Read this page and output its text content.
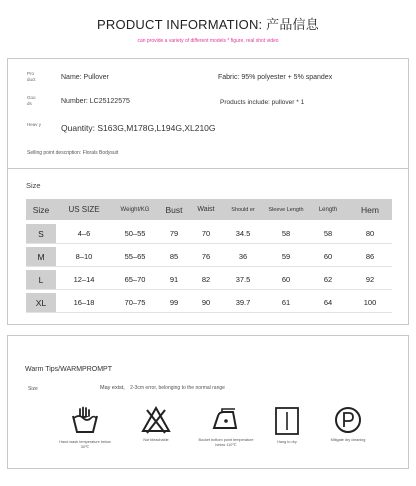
PRODUCT INFORMATION: 产品信息
can provide a variety of different models * figure, real shot video
Pro duct	Name: Pullover	Fabric: 95% polyester + 5% spandex
Goo ds	Number: LC25122575	Products include: pullover * 1
Heav y Quantity: S163G,M178G,L194G,XL210G
Selling point description: Florals Bodysuit
Size
Size	US SIZE	Weight/KG	Bust	Waist	Should er	Sleeve Length	Length	Hem

S	4–6	50–55	79	70	34.5	58	58	80

M	8–10	55–65	85	76	36	59	60	86

L	12–14	65–70	91	82	37.5	60	62	92

XL	16–18	70–75	99	90	39.7	61	64	100
Warm Tips/WARMPROMPT
Size	May exist, 2-3cm error, belonging to the normal range
Hand wash temperature below 30℃
Not bleachable	Bucket bottom point temperature below 110℃
Hang to dry	Mitigate dry cleaning
